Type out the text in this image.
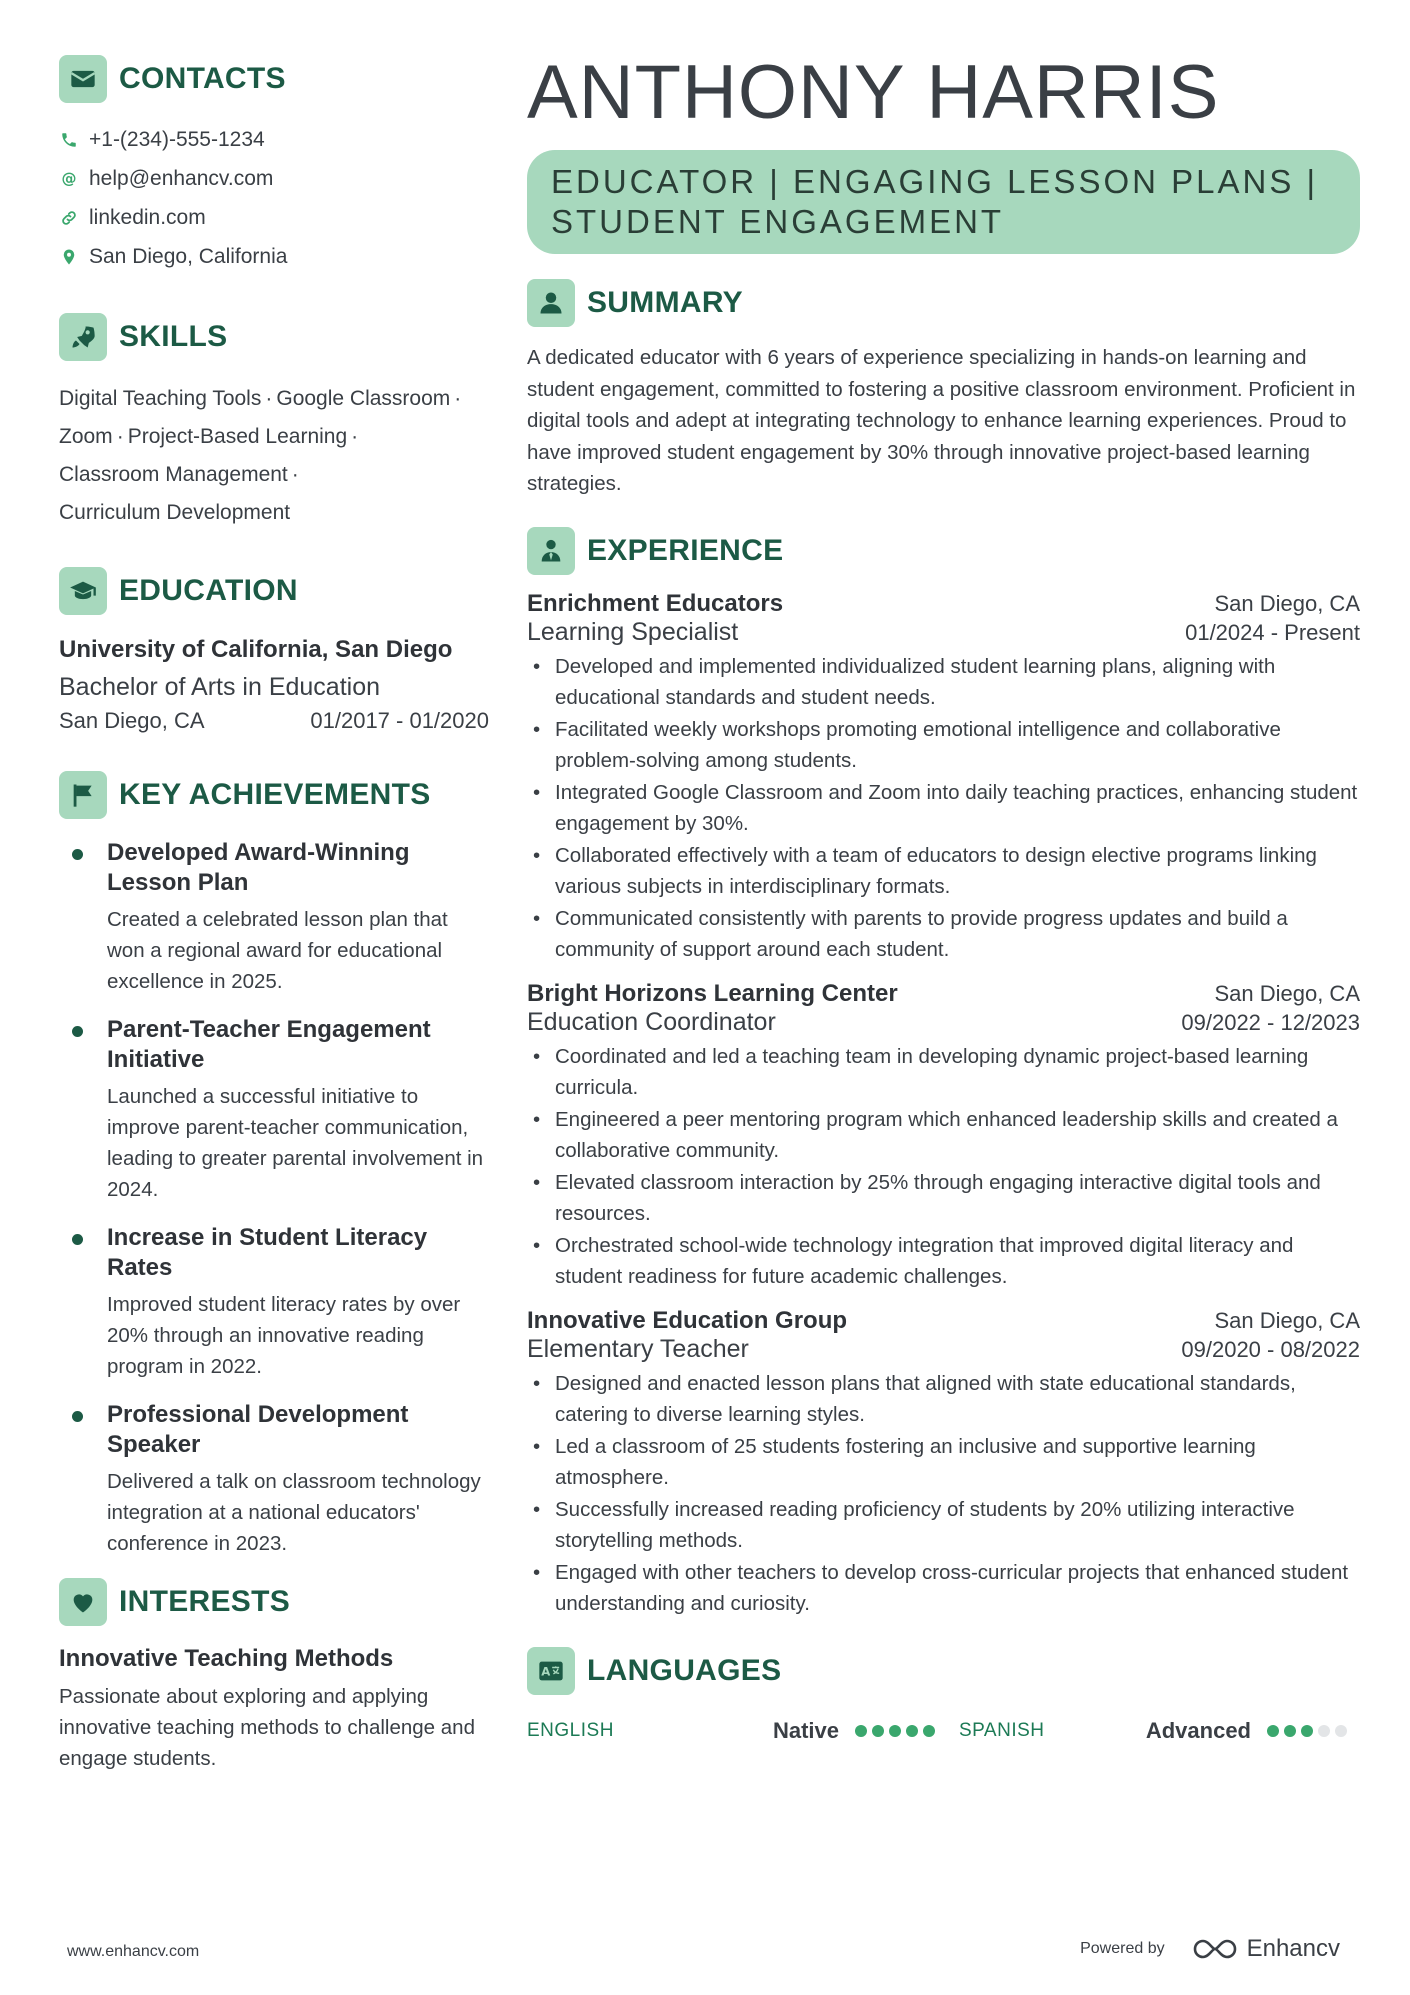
CONTACTS
+1-(234)-555-1234
@ help@enhancv.com
linkedin.com
San Diego, California
SKILLS
Digital Teaching Tools · Google Classroom ·
Zoom · Project-Based Learning ·
Classroom Management ·
Curriculum Development
EDUCATION
University of California, San Diego
Bachelor of Arts in Education
San Diego, CA	01/2017 - 01/2020
KEY ACHIEVEMENTS
Developed Award-Winning Lesson Plan
Created a celebrated lesson plan that won a regional award for educational excellence in 2025.
Parent-Teacher Engagement Initiative
Launched a successful initiative to improve parent-teacher communication, leading to greater parental involvement in 2024.
Increase in Student Literacy Rates
Improved student literacy rates by over 20% through an innovative reading program in 2022.
Professional Development Speaker
Delivered a talk on classroom technology integration at a national educators' conference in 2023.
INTERESTS
Innovative Teaching Methods
Passionate about exploring and applying innovative teaching methods to challenge and engage students.
ANTHONY HARRIS
EDUCATOR | ENGAGING LESSON PLANS | STUDENT ENGAGEMENT
SUMMARY
A dedicated educator with 6 years of experience specializing in hands-on learning and student engagement, committed to fostering a positive classroom environment. Proficient in digital tools and adept at integrating technology to enhance learning experiences. Proud to have improved student engagement by 30% through innovative project-based learning strategies.
EXPERIENCE
Enrichment Educators	San Diego, CA
Learning Specialist	01/2024 - Present
• Developed and implemented individualized student learning plans, aligning with educational standards and student needs.
• Facilitated weekly workshops promoting emotional intelligence and collaborative problem-solving among students.
• Integrated Google Classroom and Zoom into daily teaching practices, enhancing student engagement by 30%.
• Collaborated effectively with a team of educators to design elective programs linking various subjects in interdisciplinary formats.
• Communicated consistently with parents to provide progress updates and build a community of support around each student.
Bright Horizons Learning Center	San Diego, CA
Education Coordinator	09/2022 - 12/2023
• Coordinated and led a teaching team in developing dynamic project-based learning curricula.
• Engineered a peer mentoring program which enhanced leadership skills and created a collaborative community.
• Elevated classroom interaction by 25% through engaging interactive digital tools and resources.
• Orchestrated school-wide technology integration that improved digital literacy and student readiness for future academic challenges.
Innovative Education Group	San Diego, CA
Elementary Teacher	09/2020 - 08/2022
• Designed and enacted lesson plans that aligned with state educational standards, catering to diverse learning styles.
• Led a classroom of 25 students fostering an inclusive and supportive learning atmosphere.
• Successfully increased reading proficiency of students by 20% utilizing interactive storytelling methods.
• Engaged with other teachers to develop cross-curricular projects that enhanced student understanding and curiosity.
A LANGUAGES
ENGLISH	Native	SPANISH	Advanced
www.enhancv.com	Powered by	Enhancv
